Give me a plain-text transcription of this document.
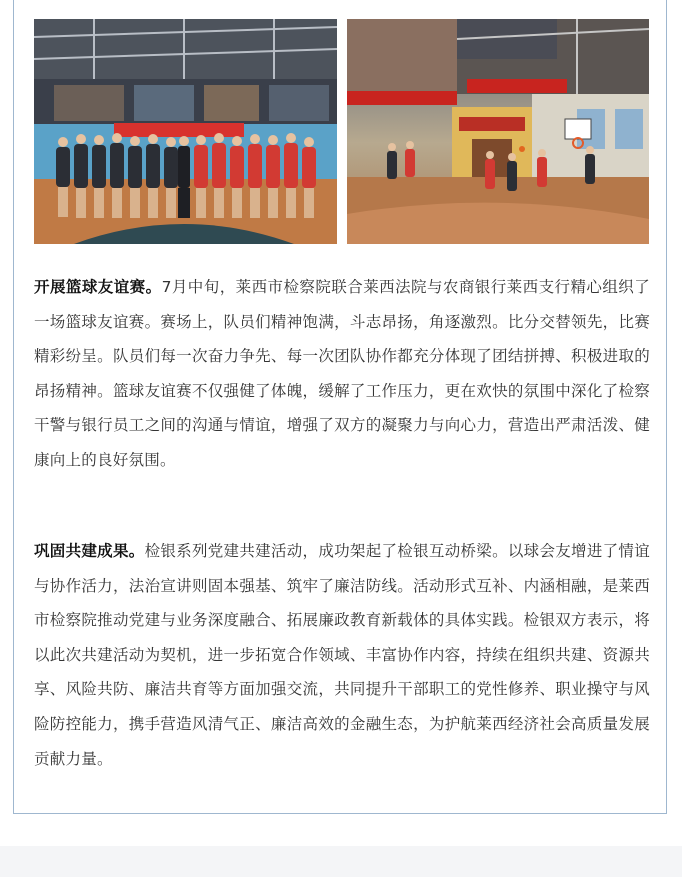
开展篮球友谊赛。7月中旬，莱西市检察院联合莱西法院与农商银行莱西支行精心组织了一场篮球友谊赛。赛场上，队员们精神饱满，斗志昂扬，角逐激烈。比分交替领先，比赛精彩纷呈。队员们每一次奋力争先、每一次团队协作都充分体现了团结拼搏、积极进取的昂扬精神。篮球友谊赛不仅强健了体魄，缓解了工作压力，更在欢快的氛围中深化了检察干警与银行员工之间的沟通与情谊，增强了双方的凝聚力与向心力，营造出严肃活泼、健康向上的良好氛围。

巩固共建成果。检银系列党建共建活动，成功架起了检银互动桥梁。以球会友增进了情谊与协作活力，法治宣讲则固本强基、筑牢了廉洁防线。活动形式互补、内涵相融，是莱西市检察院推动党建与业务深度融合、拓展廉政教育新载体的具体实践。检银双方表示，将以此次共建活动为契机，进一步拓宽合作领域、丰富协作内容，持续在组织共建、资源共享、风险共防、廉洁共育等方面加强交流，共同提升干部职工的党性修养、职业操守与风险防控能力，携手营造风清气正、廉洁高效的金融生态，为护航莱西经济社会高质量发展贡献力量。
